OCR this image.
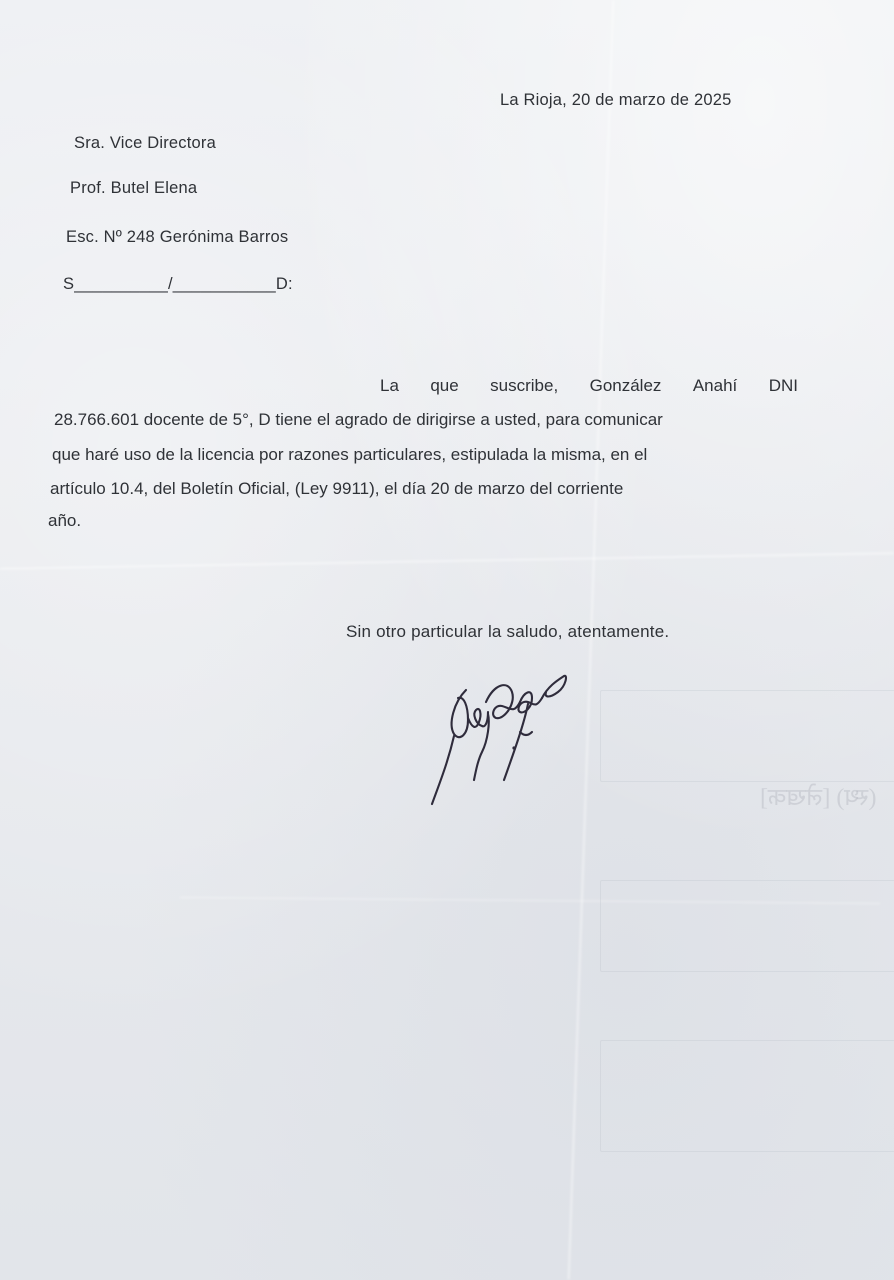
(स्थ) [लेखक]
La Rioja, 20 de marzo de 2025
Sra. Vice Directora
Prof. Butel Elena
Esc. Nº 248 Gerónima Barros
S__________/___________D:
La que suscribe, González Anahí DNI
28.766.601 docente de 5°, D tiene el agrado de dirigirse a usted, para comunicar
que haré uso de la licencia por razones particulares, estipulada la misma, en el
artículo 10.4, del Boletín Oficial, (Ley 9911), el día 20 de marzo del corriente
año.
Sin otro particular la saludo, atentamente.
